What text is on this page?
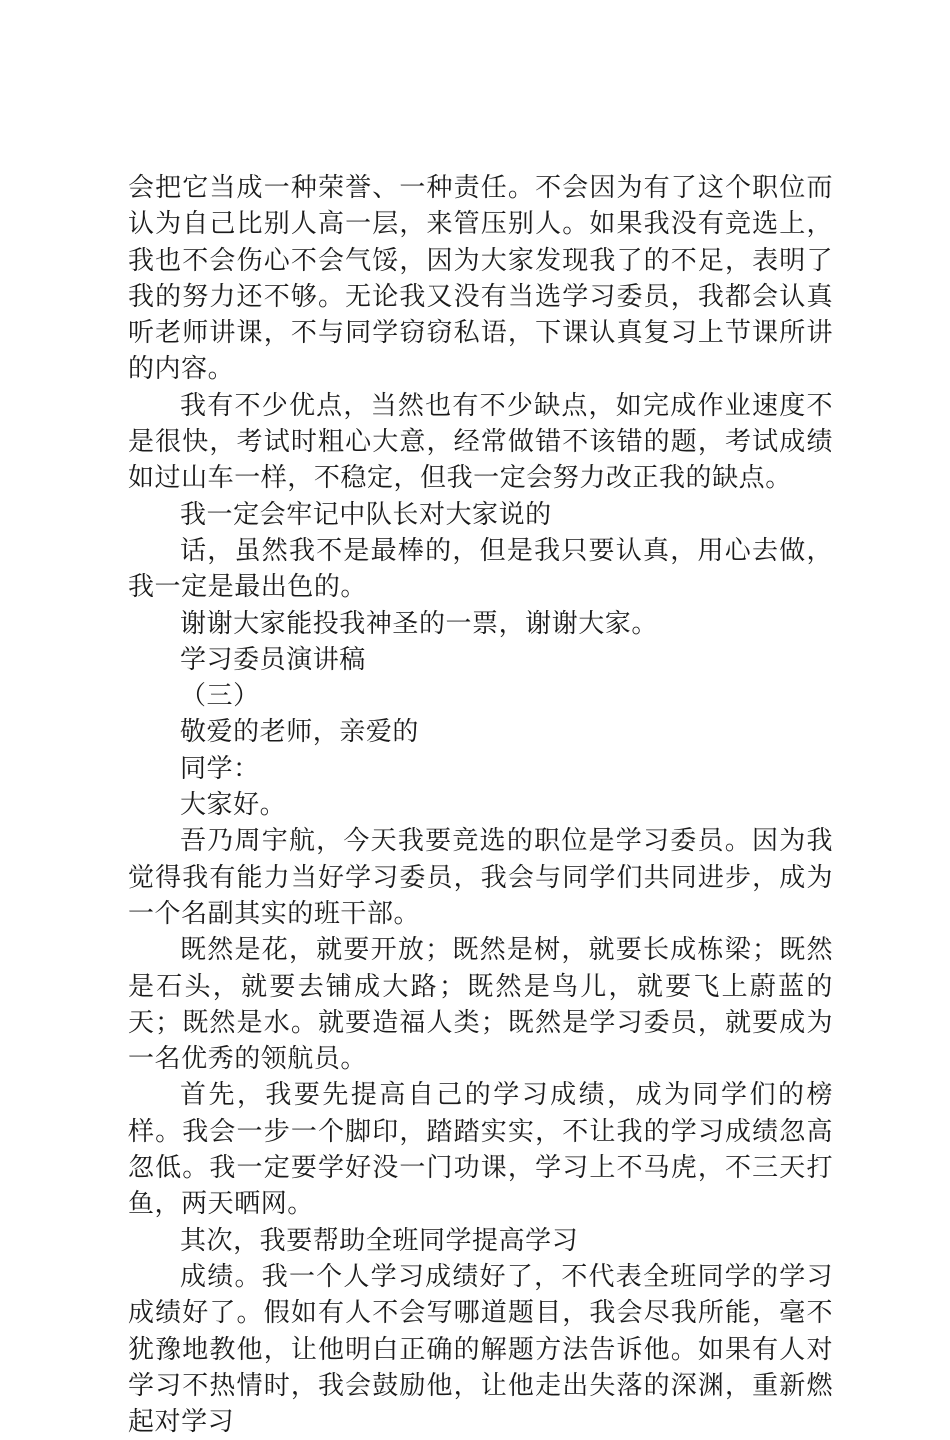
会把它当成一种荣誉、一种责任。不会因为有了这个职位而认为自己比别人高一层，来管压别人。如果我没有竞选上，我也不会伤心不会气馁，因为大家发现我了的不足，表明了我的努力还不够。无论我又没有当选学习委员，我都会认真听老师讲课，不与同学窃窃私语，下课认真复习上节课所讲的内容。

我有不少优点，当然也有不少缺点，如完成作业速度不是很快，考试时粗心大意，经常做错不该错的题，考试成绩如过山车一样，不稳定，但我一定会努力改正我的缺点。

我一定会牢记中队长对大家说的

话，虽然我不是最棒的，但是我只要认真，用心去做，我一定是最出色的。

谢谢大家能投我神圣的一票，谢谢大家。

学习委员演讲稿

（三）

敬爱的老师，亲爱的

同学：

大家好。

吾乃周宇航，今天我要竞选的职位是学习委员。因为我觉得我有能力当好学习委员，我会与同学们共同进步，成为一个名副其实的班干部。

既然是花，就要开放；既然是树，就要长成栋梁；既然是石头，就要去铺成大路；既然是鸟儿，就要飞上蔚蓝的天；既然是水。就要造福人类；既然是学习委员，就要成为一名优秀的领航员。

首先，我要先提高自己的学习成绩，成为同学们的榜样。我会一步一个脚印，踏踏实实，不让我的学习成绩忽高忽低。我一定要学好没一门功课，学习上不马虎，不三天打鱼，两天晒网。

其次，我要帮助全班同学提高学习

成绩。我一个人学习成绩好了，不代表全班同学的学习成绩好了。假如有人不会写哪道题目，我会尽我所能，毫不犹豫地教他，让他明白正确的解题方法告诉他。如果有人对学习不热情时，我会鼓励他，让他走出失落的深渊，重新燃起对学习
